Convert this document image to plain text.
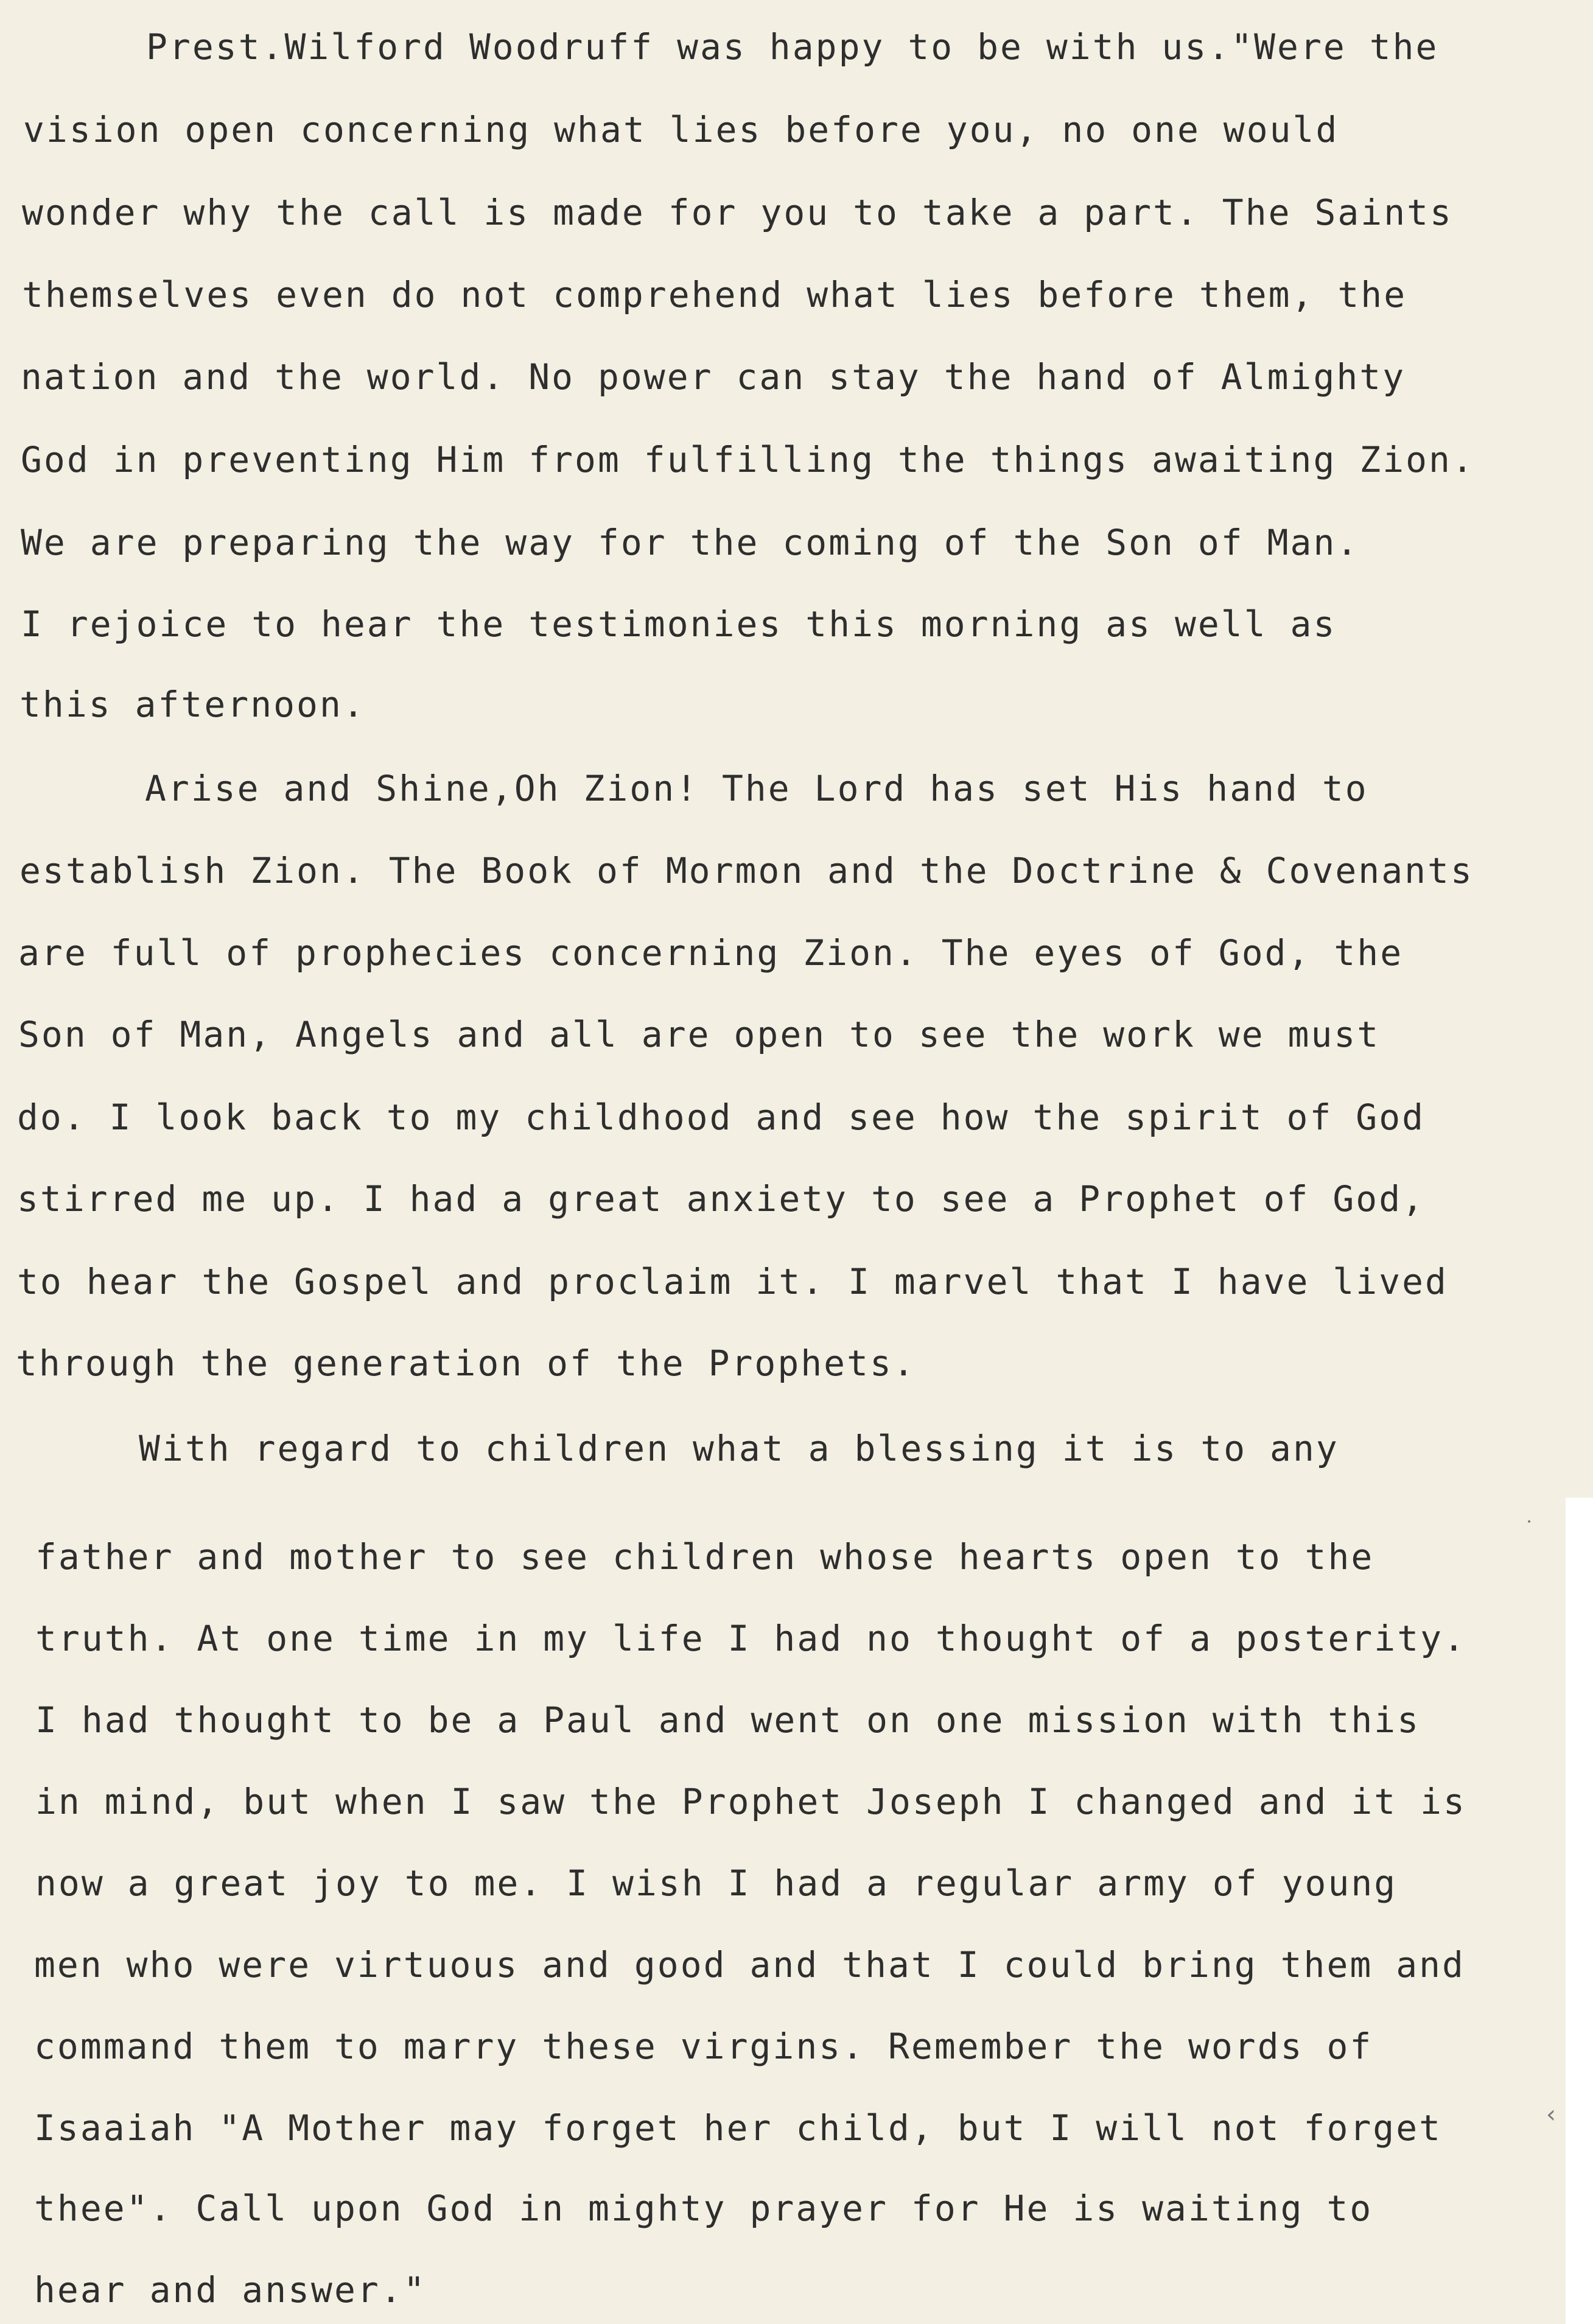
Prest.Wilford Woodruff was happy to be with us."Were the
vision open concerning what lies before you, no one would
wonder why the call is made for you to take a part. The Saints
themselves even do not comprehend what lies before them, the
nation and the world. No power can stay the hand of Almighty
God in preventing Him from fulfilling the things awaiting Zion.
We are preparing the way for the coming of the Son of Man.
I rejoice to hear the testimonies this morning as well as
this afternoon.
Arise and Shine,Oh Zion! The Lord has set His hand to
establish Zion. The Book of Mormon and the Doctrine & Covenants
are full of prophecies concerning Zion. The eyes of God, the
Son of Man, Angels and all are open to see the work we must
do. I look back to my childhood and see how the spirit of God
stirred me up. I had a great anxiety to see a Prophet of God,
to hear the Gospel and proclaim it. I marvel that I have lived
through the generation of the Prophets.
With regard to children what a blessing it is to any
father and mother to see children whose hearts open to the
truth. At one time in my life I had no thought of a posterity.
I had thought to be a Paul and went on one mission with this
in mind, but when I saw the Prophet Joseph I changed and it is
now a great joy to me. I wish I had a regular army of young
men who were virtuous and good and that I could bring them and
command them to marry these virgins. Remember the words of
Isaaiah "A Mother may forget her child, but I will not forget
thee". Call upon God in mighty prayer for He is waiting to
hear and answer."
‹
•
